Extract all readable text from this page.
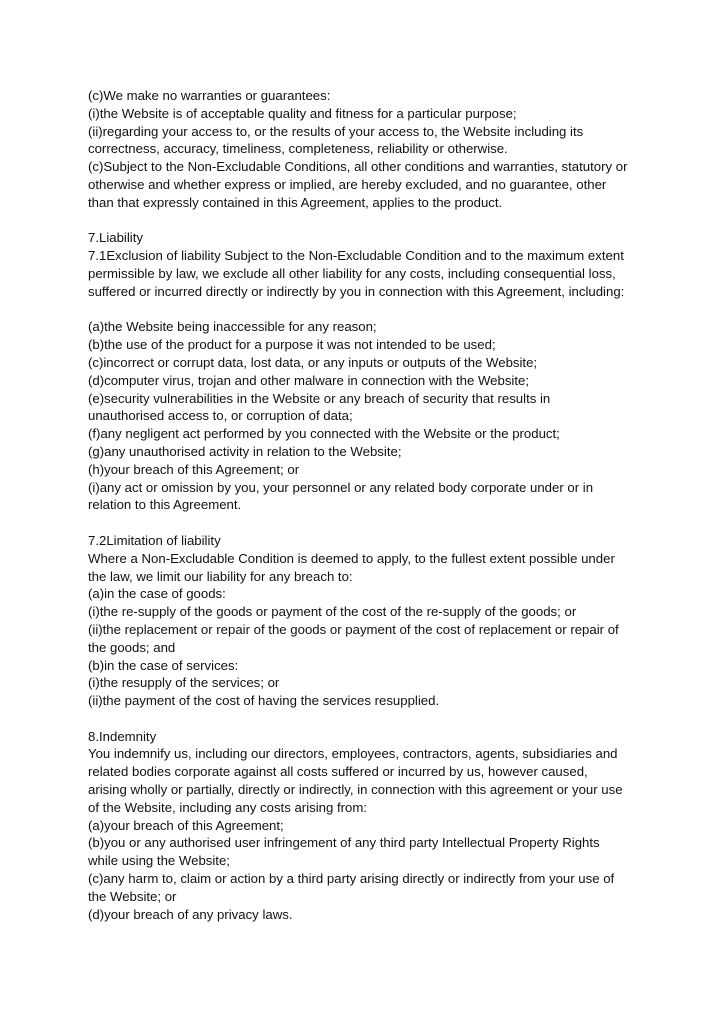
(c)We make no warranties or guarantees:
(i)the Website is of acceptable quality and fitness for a particular purpose;
(ii)regarding your access to, or the results of your access to, the Website including its
correctness, accuracy, timeliness, completeness, reliability or otherwise.
(c)Subject to the Non-Excludable Conditions, all other conditions and warranties, statutory or
otherwise and whether express or implied, are hereby excluded, and no guarantee, other
than that expressly contained in this Agreement, applies to the product.
7.Liability
7.1Exclusion of liability Subject to the Non-Excludable Condition and to the maximum extent
permissible by law, we exclude all other liability for any costs, including consequential loss,
suffered or incurred directly or indirectly by you in connection with this Agreement, including:
(a)the Website being inaccessible for any reason;
(b)the use of the product for a purpose it was not intended to be used;
(c)incorrect or corrupt data, lost data, or any inputs or outputs of the Website;
(d)computer virus, trojan and other malware in connection with the Website;
(e)security vulnerabilities in the Website or any breach of security that results in
unauthorised access to, or corruption of data;
(f)any negligent act performed by you connected with the Website or the product;
(g)any unauthorised activity in relation to the Website;
(h)your breach of this Agreement; or
(i)any act or omission by you, your personnel or any related body corporate under or in
relation to this Agreement.
7.2Limitation of liability
Where a Non-Excludable Condition is deemed to apply, to the fullest extent possible under
the law, we limit our liability for any breach to:
(a)in the case of goods:
(i)the re-supply of the goods or payment of the cost of the re-supply of the goods; or
(ii)the replacement or repair of the goods or payment of the cost of replacement or repair of
the goods; and
(b)in the case of services:
(i)the resupply of the services; or
(ii)the payment of the cost of having the services resupplied.
8.Indemnity
You indemnify us, including our directors, employees, contractors, agents, subsidiaries and
related bodies corporate against all costs suffered or incurred by us, however caused,
arising wholly or partially, directly or indirectly, in connection with this agreement or your use
of the Website, including any costs arising from:
(a)your breach of this Agreement;
(b)you or any authorised user infringement of any third party Intellectual Property Rights
while using the Website;
(c)any harm to, claim or action by a third party arising directly or indirectly from your use of
the Website; or
(d)your breach of any privacy laws.
